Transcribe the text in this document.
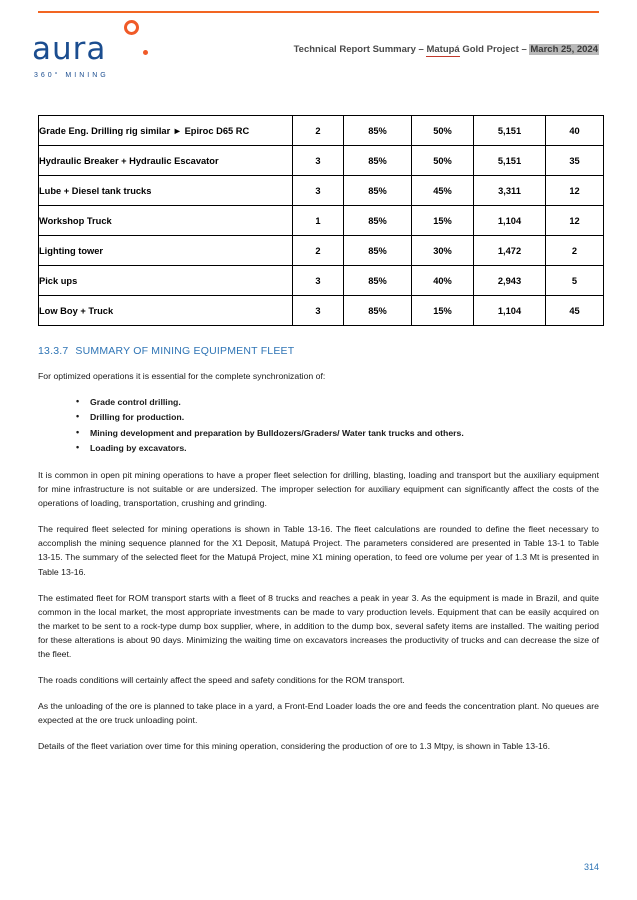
aura
360° MINING
Technical Report Summary – Matupá Gold Project – March 25, 2024
Grade Eng. Drilling rig similar ► Epiroc D65 RC	2	85%	50%	5,151	40
Hydraulic Breaker + Hydraulic Escavator	3	85%	50%	5,151	35
Lube + Diesel tank trucks	3	85%	45%	3,311	12
Workshop Truck	1	85%	15%	1,104	12
Lighting tower	2	85%	30%	1,472	2
Pick ups	3	85%	40%	2,943	5
Low Boy + Truck	3	85%	15%	1,104	45
13.3.7 SUMMARY OF MINING EQUIPMENT FLEET

For optimized operations it is essential for the complete synchronization of:

• Grade control drilling.
• Drilling for production.
• Mining development and preparation by Bulldozers/Graders/ Water tank trucks and others.
• Loading by excavators.

It is common in open pit mining operations to have a proper fleet selection for drilling, blasting, loading and transport but the auxiliary equipment for mine infrastructure is not suitable or are undersized. The improper selection for auxiliary equipment can significantly affect the costs of the operations of loading, transportation, crushing and grinding.

The required fleet selected for mining operations is shown in Table 13-16. The fleet calculations are rounded to define the fleet necessary to accomplish the mining sequence planned for the X1 Deposit, Matupá Project. The parameters considered are presented in Table 13-1 to Table 13-15. The summary of the selected fleet for the Matupá Project, mine X1 mining operation, to feed ore volume per year of 1.3 Mt is presented in Table 13-16.

The estimated fleet for ROM transport starts with a fleet of 8 trucks and reaches a peak in year 3. As the equipment is made in Brazil, and quite common in the local market, the most appropriate investments can be made to vary production levels. Equipment that can be easily acquired on the market to be sent to a rock-type dump box supplier, where, in addition to the dump box, several safety items are installed. The waiting period for these alterations is about 90 days. Minimizing the waiting time on excavators increases the productivity of trucks and can decrease the size of the fleet.

The roads conditions will certainly affect the speed and safety conditions for the ROM transport.

As the unloading of the ore is planned to take place in a yard, a Front-End Loader loads the ore and feeds the concentration plant. No queues are expected at the ore truck unloading point.

Details of the fleet variation over time for this mining operation, considering the production of ore to 1.3 Mtpy, is shown in Table 13-16.

314
